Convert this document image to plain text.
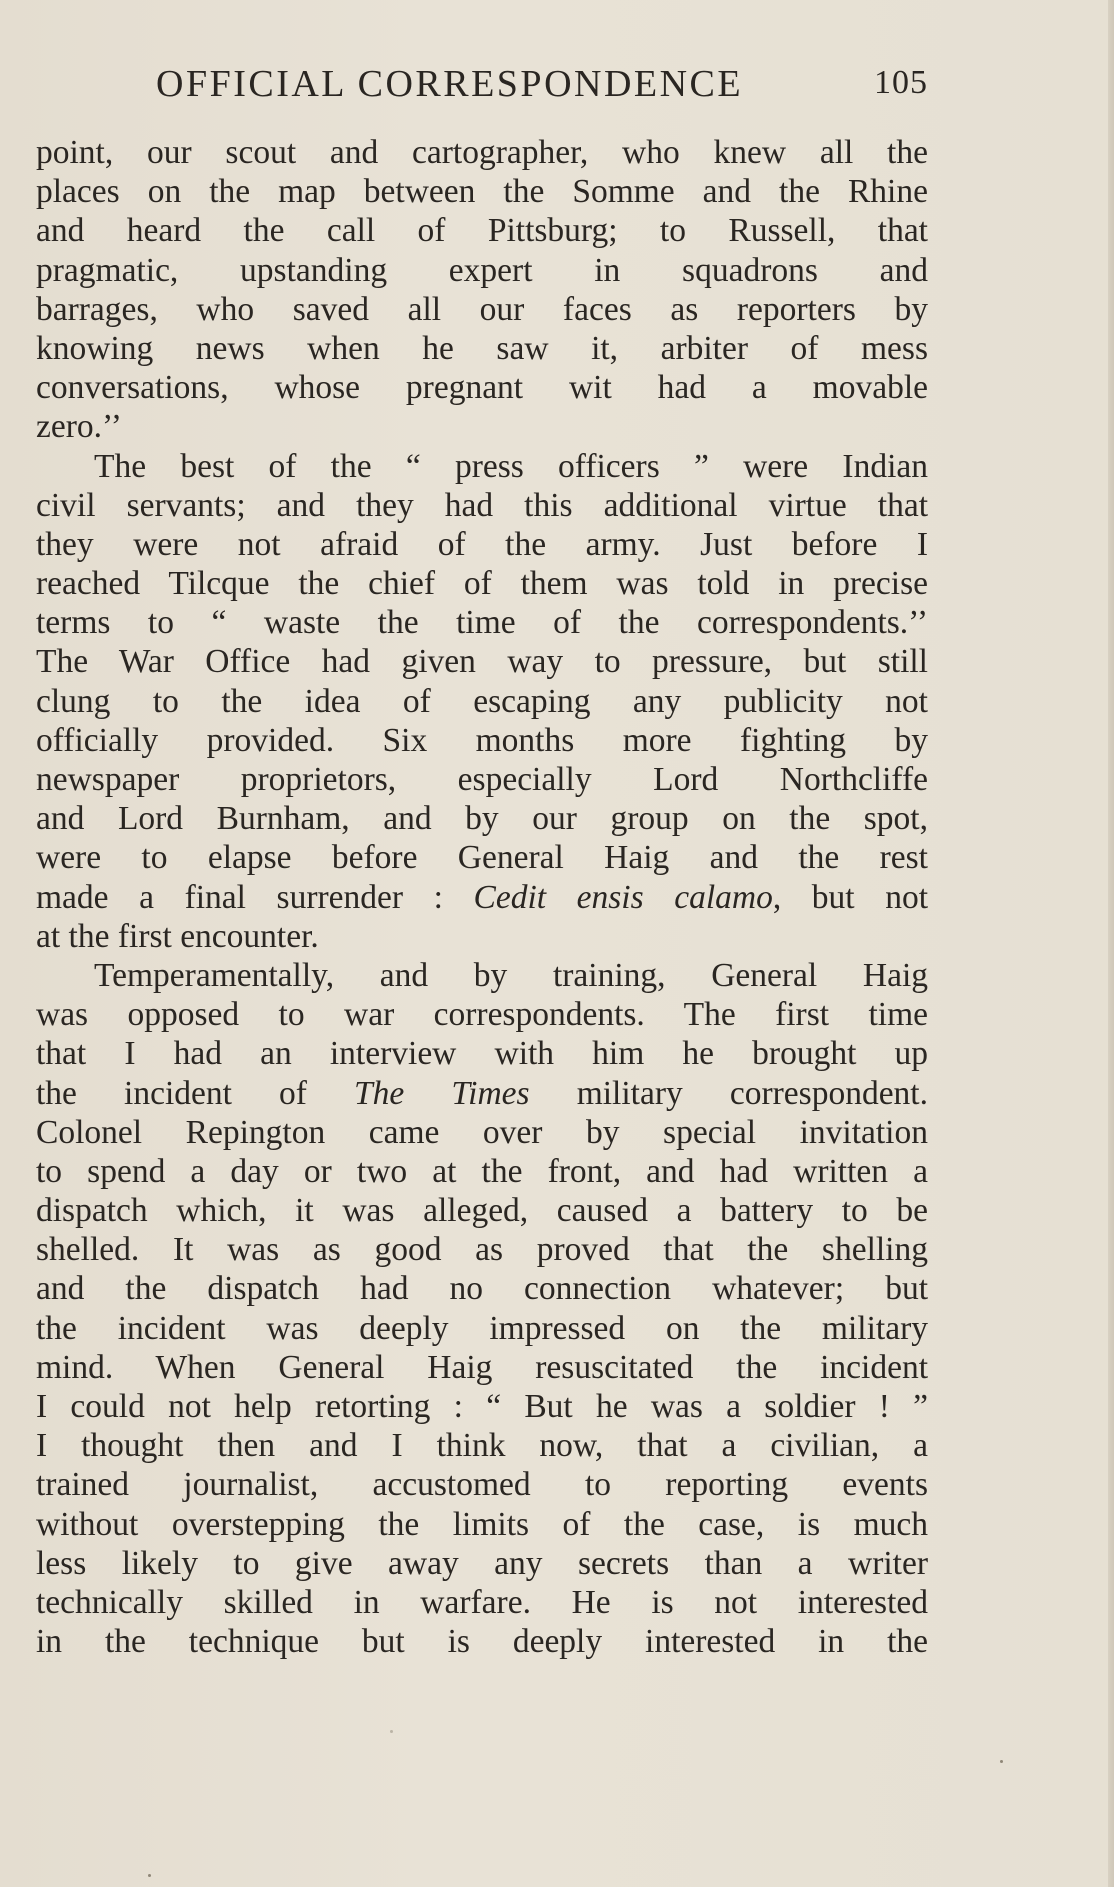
OFFICIAL CORRESPONDENCE	105
point, our scout and cartographer, who knew all the
places on the map between the Somme and the Rhine
and heard the call of Pittsburg; to Russell, that
pragmatic, upstanding expert in squadrons and
barrages, who saved all our faces as reporters by
knowing news when he saw it, arbiter of mess
conversations, whose pregnant wit had a movable
zero.’’
The best of the “ press officers ” were Indian
civil servants; and they had this additional virtue that
they were not afraid of the army. Just before I
reached Tilcque the chief of them was told in precise
terms to “ waste the time of the correspondents.’’
The War Office had given way to pressure, but still
clung to the idea of escaping any publicity not
officially provided. Six months more fighting by
newspaper proprietors, especially Lord Northcliffe
and Lord Burnham, and by our group on the spot,
were to elapse before General Haig and the rest
made a final surrender : Cedit ensis calamo, but not
at the first encounter.
Temperamentally, and by training, General Haig
was opposed to war correspondents. The first time
that I had an interview with him he brought up
the incident of The Times military correspondent.
Colonel Repington came over by special invitation
to spend a day or two at the front, and had written a
dispatch which, it was alleged, caused a battery to be
shelled. It was as good as proved that the shelling
and the dispatch had no connection whatever; but
the incident was deeply impressed on the military
mind. When General Haig resuscitated the incident
I could not help retorting : “ But he was a soldier ! ”
I thought then and I think now, that a civilian, a
trained journalist, accustomed to reporting events
without overstepping the limits of the case, is much
less likely to give away any secrets than a writer
technically skilled in warfare. He is not interested
in the technique but is deeply interested in the
